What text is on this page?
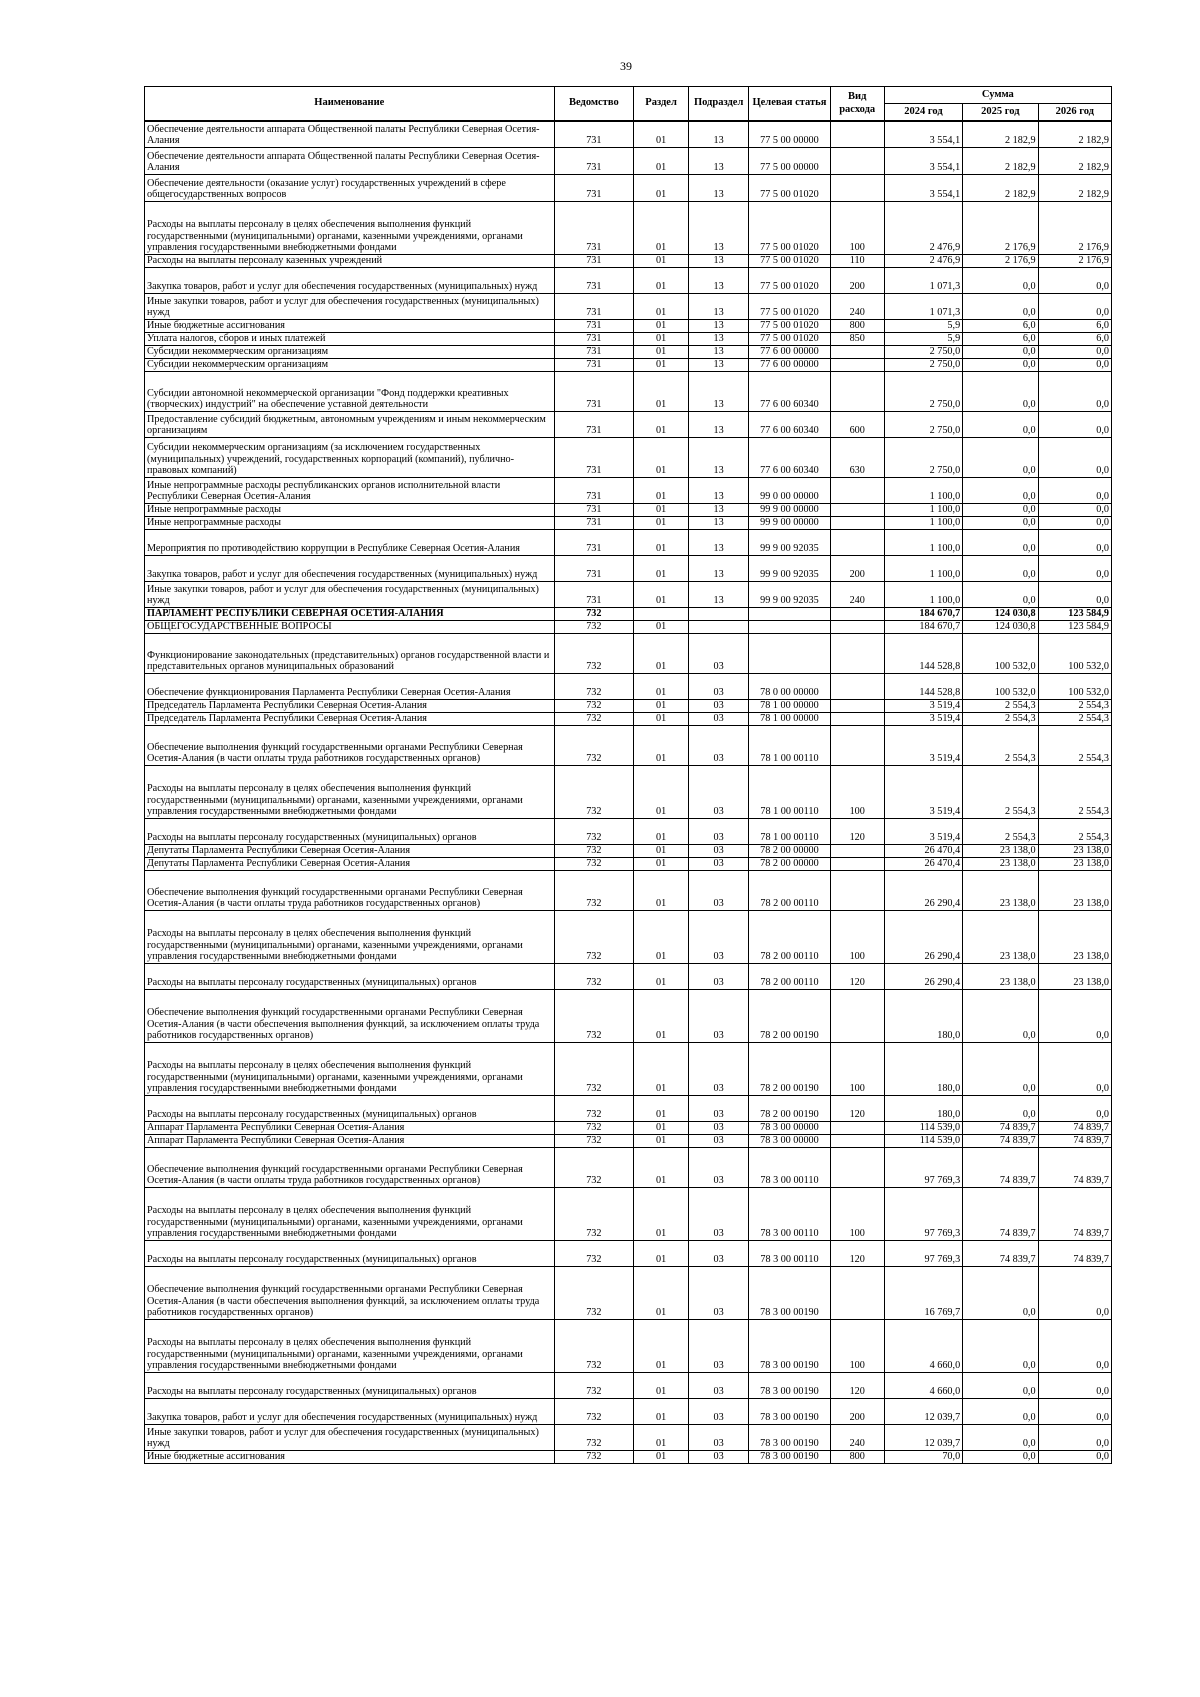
39
Наименование	Ведомство	Раздел	Подраздел	Целевая статья	Вид расхода	Сумма		
						2024 год	2025 год	2026 год
Обеспечение деятельности аппарата Общественной палаты Республики Северная Осетия-Алания	731	01	13	77 5 00 00000		3 554,1	2 182,9	2 182,9
Обеспечение деятельности аппарата Общественной палаты Республики Северная Осетия-Алания	731	01	13	77 5 00 00000		3 554,1	2 182,9	2 182,9
Обеспечение деятельности (оказание услуг) государственных учреждений в сфере общегосударственных вопросов	731	01	13	77 5 00 01020		3 554,1	2 182,9	2 182,9
Расходы на выплаты персоналу в целях обеспечения выполнения функций государственными (муниципальными) органами, казенными учреждениями, органами управления государственными внебюджетными фондами	731	01	13	77 5 00 01020	100	2 476,9	2 176,9	2 176,9
Расходы на выплаты персоналу казенных учреждений	731	01	13	77 5 00 01020	110	2 476,9	2 176,9	2 176,9
Закупка товаров, работ и услуг для обеспечения государственных (муниципальных) нужд	731	01	13	77 5 00 01020	200	1 071,3	0,0	0,0
Иные закупки товаров, работ и услуг для обеспечения государственных (муниципальных) нужд	731	01	13	77 5 00 01020	240	1 071,3	0,0	0,0
Иные бюджетные ассигнования	731	01	13	77 5 00 01020	800	5,9	6,0	6,0
Уплата налогов, сборов и иных платежей	731	01	13	77 5 00 01020	850	5,9	6,0	6,0
Субсидии некоммерческим организациям	731	01	13	77 6 00 00000		2 750,0	0,0	0,0
Субсидии некоммерческим организациям	731	01	13	77 6 00 00000		2 750,0	0,0	0,0
Субсидии автономной некоммерческой организации "Фонд поддержки креативных (творческих) индустрий" на обеспечение уставной деятельности	731	01	13	77 6 00 60340		2 750,0	0,0	0,0
Предоставление субсидий бюджетным, автономным учреждениям и иным некоммерческим организациям	731	01	13	77 6 00 60340	600	2 750,0	0,0	0,0
Субсидии некоммерческим организациям (за исключением государственных (муниципальных) учреждений, государственных корпораций (компаний), публично-правовых компаний)	731	01	13	77 6 00 60340	630	2 750,0	0,0	0,0
Иные непрограммные расходы республиканских органов исполнительной власти Республики Северная Осетия-Алания	731	01	13	99 0 00 00000		1 100,0	0,0	0,0
Иные непрограммные расходы	731	01	13	99 9 00 00000		1 100,0	0,0	0,0
Иные непрограммные расходы	731	01	13	99 9 00 00000		1 100,0	0,0	0,0
Мероприятия по противодействию коррупции в Республике Северная Осетия-Алания	731	01	13	99 9 00 92035		1 100,0	0,0	0,0
Закупка товаров, работ и услуг для обеспечения государственных (муниципальных) нужд	731	01	13	99 9 00 92035	200	1 100,0	0,0	0,0
Иные закупки товаров, работ и услуг для обеспечения государственных (муниципальных) нужд	731	01	13	99 9 00 92035	240	1 100,0	0,0	0,0
ПАРЛАМЕНТ РЕСПУБЛИКИ СЕВЕРНАЯ ОСЕТИЯ-АЛАНИЯ	732					184 670,7	124 030,8	123 584,9
ОБЩЕГОСУДАРСТВЕННЫЕ ВОПРОСЫ	732	01				184 670,7	124 030,8	123 584,9
Функционирование законодательных (представительных) органов государственной власти и представительных органов муниципальных образований	732	01	03			144 528,8	100 532,0	100 532,0
Обеспечение функционирования Парламента Республики Северная Осетия-Алания	732	01	03	78 0 00 00000		144 528,8	100 532,0	100 532,0
Председатель Парламента Республики Северная Осетия-Алания	732	01	03	78 1 00 00000		3 519,4	2 554,3	2 554,3
Председатель Парламента Республики Северная Осетия-Алания	732	01	03	78 1 00 00000		3 519,4	2 554,3	2 554,3
Обеспечение выполнения функций государственными органами Республики Северная Осетия-Алания (в части оплаты труда работников государственных органов)	732	01	03	78 1 00 00110		3 519,4	2 554,3	2 554,3
Расходы на выплаты персоналу в целях обеспечения выполнения функций государственными (муниципальными) органами, казенными учреждениями, органами управления государственными внебюджетными фондами	732	01	03	78 1 00 00110	100	3 519,4	2 554,3	2 554,3
Расходы на выплаты персоналу государственных (муниципальных) органов	732	01	03	78 1 00 00110	120	3 519,4	2 554,3	2 554,3
Депутаты Парламента Республики Северная Осетия-Алания	732	01	03	78 2 00 00000		26 470,4	23 138,0	23 138,0
Депутаты Парламента Республики Северная Осетия-Алания	732	01	03	78 2 00 00000		26 470,4	23 138,0	23 138,0
Обеспечение выполнения функций государственными органами Республики Северная Осетия-Алания (в части оплаты труда работников государственных органов)	732	01	03	78 2 00 00110		26 290,4	23 138,0	23 138,0
Расходы на выплаты персоналу в целях обеспечения выполнения функций государственными (муниципальными) органами, казенными учреждениями, органами управления государственными внебюджетными фондами	732	01	03	78 2 00 00110	100	26 290,4	23 138,0	23 138,0
Расходы на выплаты персоналу государственных (муниципальных) органов	732	01	03	78 2 00 00110	120	26 290,4	23 138,0	23 138,0
Обеспечение выполнения функций государственными органами Республики Северная Осетия-Алания (в части обеспечения выполнения функций, за исключением оплаты труда работников государственных органов)	732	01	03	78 2 00 00190		180,0	0,0	0,0
Расходы на выплаты персоналу в целях обеспечения выполнения функций государственными (муниципальными) органами, казенными учреждениями, органами управления государственными внебюджетными фондами	732	01	03	78 2 00 00190	100	180,0	0,0	0,0
Расходы на выплаты персоналу государственных (муниципальных) органов	732	01	03	78 2 00 00190	120	180,0	0,0	0,0
Аппарат Парламента Республики Северная Осетия-Алания	732	01	03	78 3 00 00000		114 539,0	74 839,7	74 839,7
Аппарат Парламента Республики Северная Осетия-Алания	732	01	03	78 3 00 00000		114 539,0	74 839,7	74 839,7
Обеспечение выполнения функций государственными органами Республики Северная Осетия-Алания (в части оплаты труда работников государственных органов)	732	01	03	78 3 00 00110		97 769,3	74 839,7	74 839,7
Расходы на выплаты персоналу в целях обеспечения выполнения функций государственными (муниципальными) органами, казенными учреждениями, органами управления государственными внебюджетными фондами	732	01	03	78 3 00 00110	100	97 769,3	74 839,7	74 839,7
Расходы на выплаты персоналу государственных (муниципальных) органов	732	01	03	78 3 00 00110	120	97 769,3	74 839,7	74 839,7
Обеспечение выполнения функций государственными органами Республики Северная Осетия-Алания (в части обеспечения выполнения функций, за исключением оплаты труда работников государственных органов)	732	01	03	78 3 00 00190		16 769,7	0,0	0,0
Расходы на выплаты персоналу в целях обеспечения выполнения функций государственными (муниципальными) органами, казенными учреждениями, органами управления государственными внебюджетными фондами	732	01	03	78 3 00 00190	100	4 660,0	0,0	0,0
Расходы на выплаты персоналу государственных (муниципальных) органов	732	01	03	78 3 00 00190	120	4 660,0	0,0	0,0
Закупка товаров, работ и услуг для обеспечения государственных (муниципальных) нужд	732	01	03	78 3 00 00190	200	12 039,7	0,0	0,0
Иные закупки товаров, работ и услуг для обеспечения государственных (муниципальных) нужд	732	01	03	78 3 00 00190	240	12 039,7	0,0	0,0
Иные бюджетные ассигнования	732	01	03	78 3 00 00190	800	70,0	0,0	0,0
